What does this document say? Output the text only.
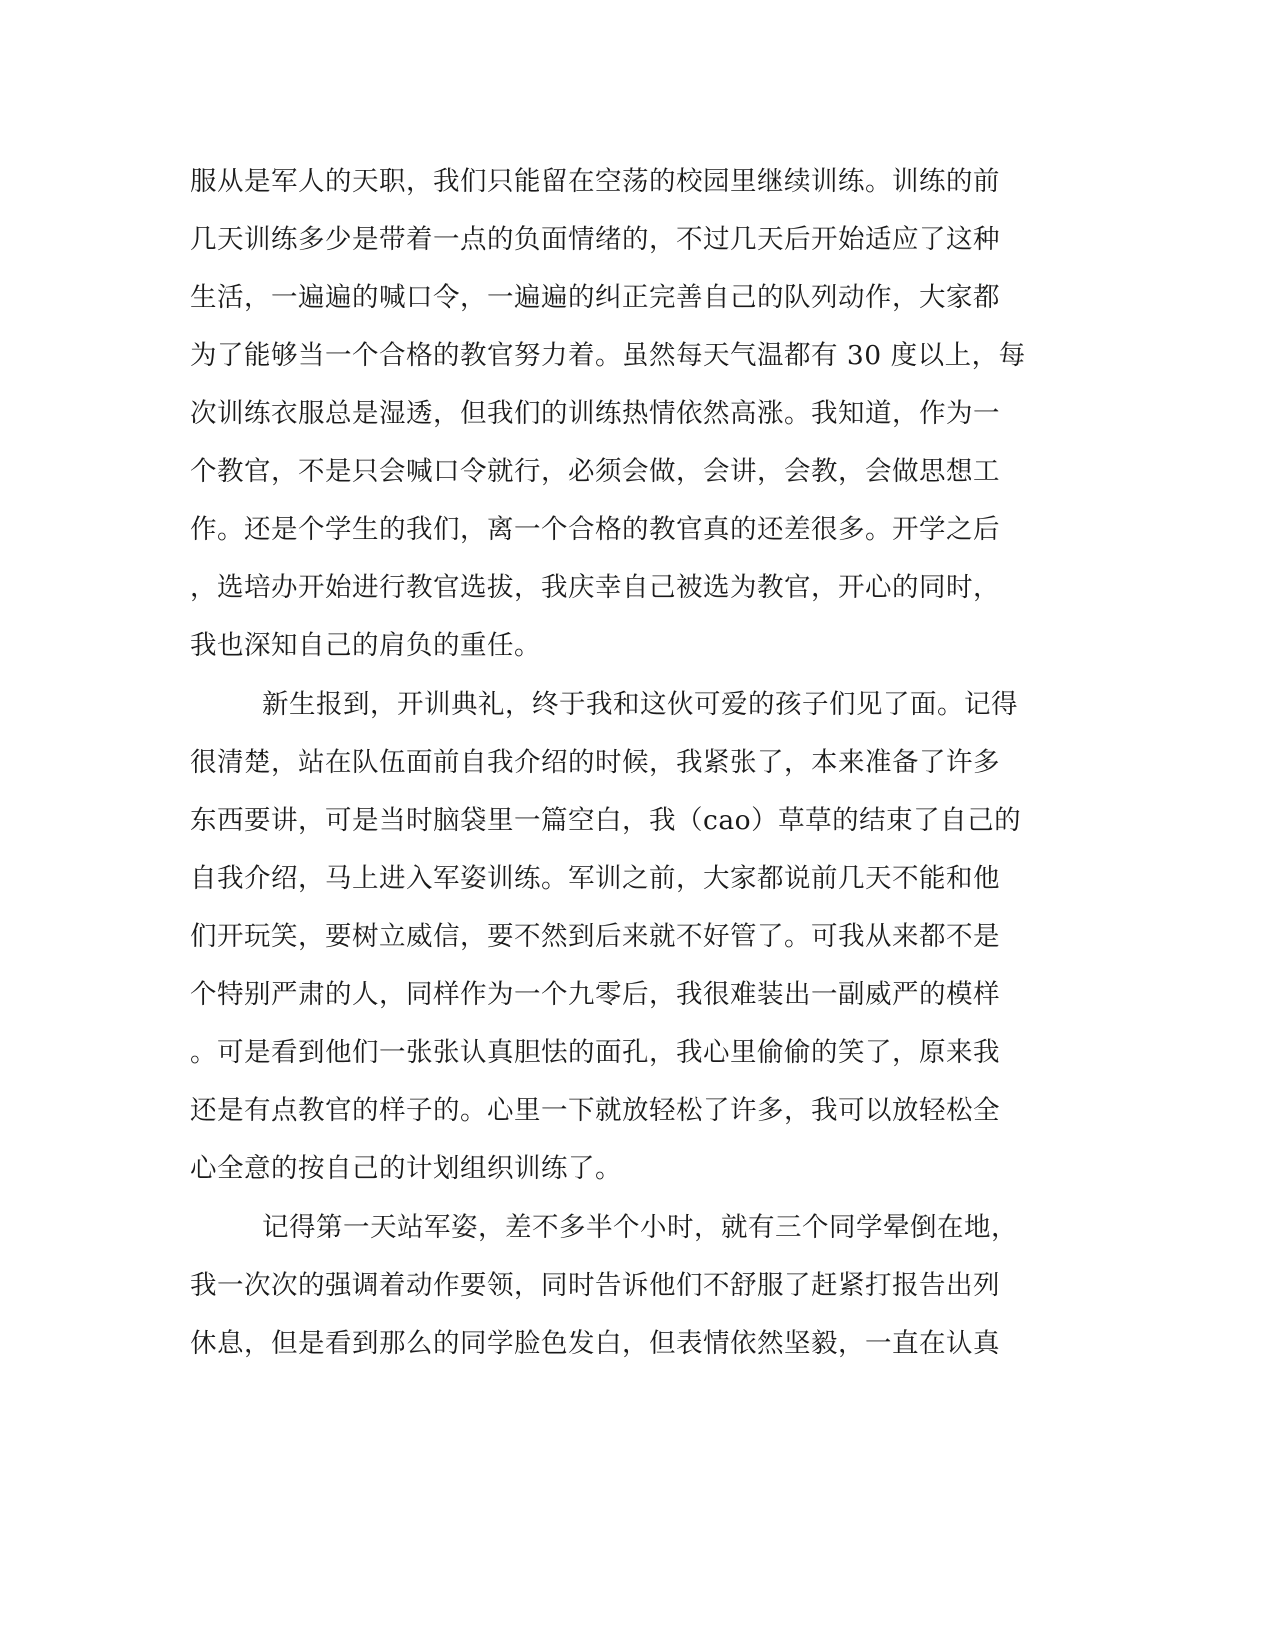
服从是军人的天职，我们只能留在空荡的校园里继续训练。训练的前
几天训练多少是带着一点的负面情绪的，不过几天后开始适应了这种
生活，一遍遍的喊口令，一遍遍的纠正完善自己的队列动作，大家都
为了能够当一个合格的教官努力着。虽然每天气温都有 30 度以上，每
次训练衣服总是湿透，但我们的训练热情依然高涨。我知道，作为一
个教官，不是只会喊口令就行，必须会做，会讲，会教，会做思想工
作。还是个学生的我们，离一个合格的教官真的还差很多。开学之后
，选培办开始进行教官选拔，我庆幸自己被选为教官，开心的同时，
我也深知自己的肩负的重任。
新生报到，开训典礼，终于我和这伙可爱的孩子们见了面。记得
很清楚，站在队伍面前自我介绍的时候，我紧张了，本来准备了许多
东西要讲，可是当时脑袋里一篇空白，我（cao）草草的结束了自己的
自我介绍，马上进入军姿训练。军训之前，大家都说前几天不能和他
们开玩笑，要树立威信，要不然到后来就不好管了。可我从来都不是
个特别严肃的人，同样作为一个九零后，我很难装出一副威严的模样
。可是看到他们一张张认真胆怯的面孔，我心里偷偷的笑了，原来我
还是有点教官的样子的。心里一下就放轻松了许多，我可以放轻松全
心全意的按自己的计划组织训练了。
记得第一天站军姿，差不多半个小时，就有三个同学晕倒在地，
我一次次的强调着动作要领，同时告诉他们不舒服了赶紧打报告出列
休息，但是看到那么的同学脸色发白，但表情依然坚毅，一直在认真
